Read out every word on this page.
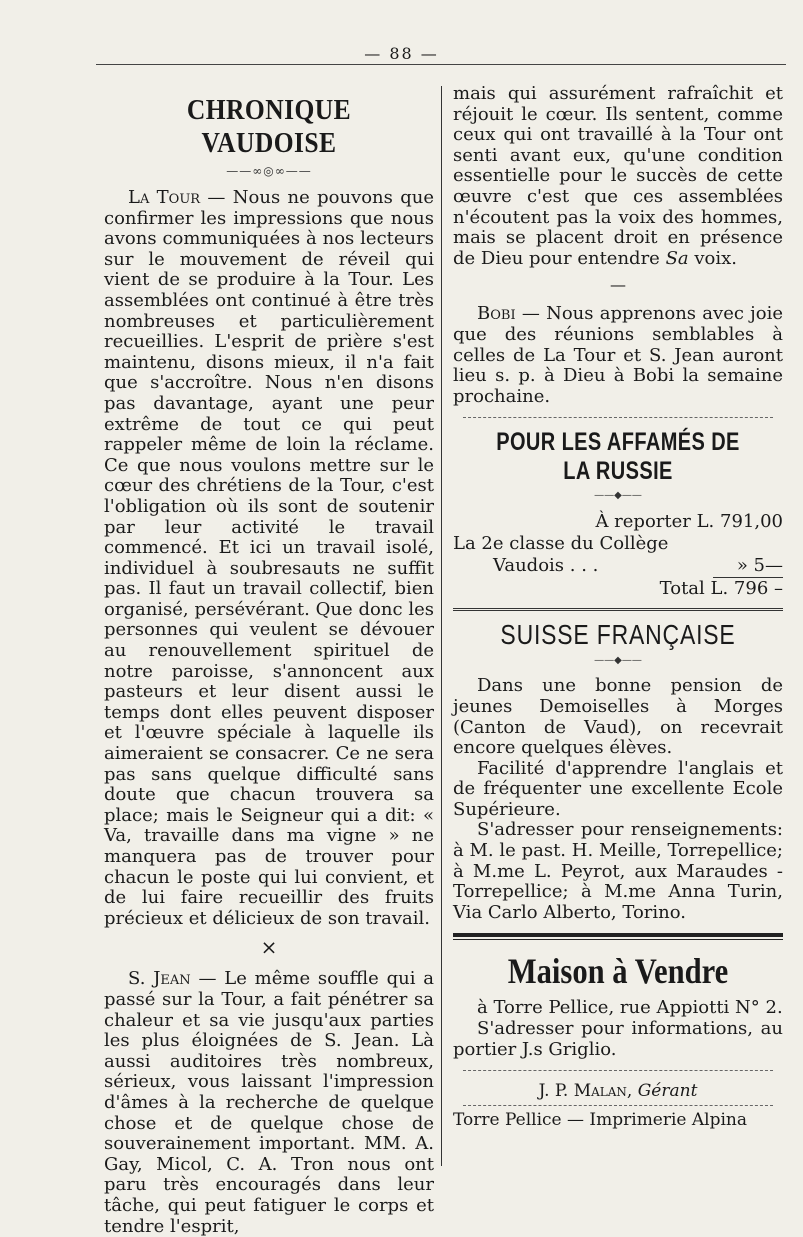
— 88 —
CHRONIQUE VAUDOISE
——∞◎∞——

La Tour — Nous ne pouvons que confirmer les impressions que nous avons communiquées à nos lecteurs sur le mouvement de réveil qui vient de se produire à la Tour. Les assemblées ont continué à être très nombreuses et particulièrement recueillies. L'esprit de prière s'est maintenu, disons mieux, il n'a fait que s'accroître. Nous n'en disons pas davantage, ayant une peur extrême de tout ce qui peut rappeler même de loin la réclame. Ce que nous voulons mettre sur le cœur des chrétiens de la Tour, c'est l'obligation où ils sont de soutenir par leur activité le travail commencé. Et ici un travail isolé, individuel à soubresauts ne suffit pas. Il faut un travail collectif, bien organisé, persévérant. Que donc les personnes qui veulent se dévouer au renouvellement spirituel de notre paroisse, s'annoncent aux pasteurs et leur disent aussi le temps dont elles peuvent disposer et l'œuvre spéciale à laquelle ils aimeraient se consacrer. Ce ne sera pas sans quelque difficulté sans doute que chacun trouvera sa place; mais le Seigneur qui a dit: « Va, travaille dans ma vigne » ne manquera pas de trouver pour chacun le poste qui lui convient, et de lui faire recueillir des fruits précieux et délicieux de son travail.

×

S. Jean — Le même souffle qui a passé sur la Tour, a fait pénétrer sa chaleur et sa vie jusqu'aux parties les plus éloignées de S. Jean. Là aussi auditoires très nombreux, sérieux, vous laissant l'impression d'âmes à la recherche de quelque chose et de quelque chose de souverainement important. MM. A. Gay, Micol, C. A. Tron nous ont paru très encouragés dans leur tâche, qui peut fatiguer le corps et tendre l'esprit,

mais qui assurément rafraîchit et réjouit le cœur. Ils sentent, comme ceux qui ont travaillé à la Tour ont senti avant eux, qu'une condition essentielle pour le succès de cette œuvre c'est que ces assemblées n'écoutent pas la voix des hommes, mais se placent droit en présence de Dieu pour entendre Sa voix.

—

Bobi — Nous apprenons avec joie que des réunions semblables à celles de La Tour et S. Jean auront lieu s. p. à Dieu à Bobi la semaine prochaine.

POUR LES AFFAMÉS DE LA RUSSIE
——◆——
À reporter L. 791,00
La 2e classe du Collège
Vaudois . . .	» 5—
Total L. 796 –
SUISSE FRANÇAISE
——◆——

Dans une bonne pension de jeunes Demoiselles à Morges (Canton de Vaud), on recevrait encore quelques élèves.

Facilité d'apprendre l'anglais et de fréquenter une excellente Ecole Supérieure.

S'adresser pour renseignements: à M. le past. H. Meille, Torrepellice; à M.me L. Peyrot, aux Maraudes - Torrepellice; à M.me Anna Turin, Via Carlo Alberto, Torino.

Maison à Vendre

à Torre Pellice, rue Appiotti N° 2.

S'adresser pour informations, au portier J.s Griglio.

J. P. Malan, Gérant
Torre Pellice — Imprimerie Alpina
